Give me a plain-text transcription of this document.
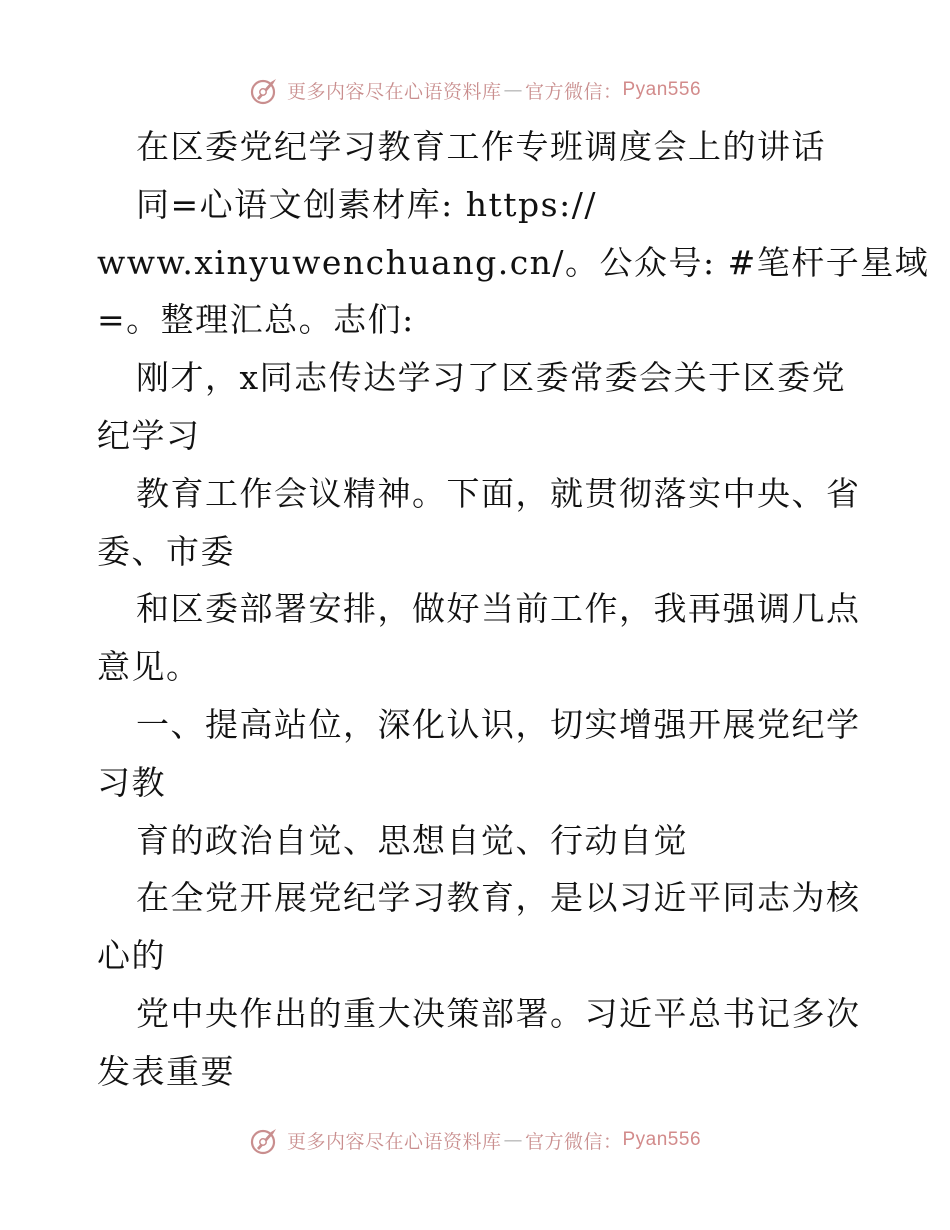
更多内容尽在心语资料库 — 官方微信： Pyan556
在区委党纪学习教育工作专班调度会上的讲话
同=心语文创素材库: https://
www.xinyuwenchuang.cn/。公众号: #笔杆子星域
=。整理汇总。志们:
刚才，x同志传达学习了区委常委会关于区委党
纪学习
教育工作会议精神。下面，就贯彻落实中央、省
委、市委
和区委部署安排，做好当前工作，我再强调几点
意见。
一、提高站位，深化认识，切实增强开展党纪学
习教
育的政治自觉、思想自觉、行动自觉
在全党开展党纪学习教育，是以习近平同志为核
心的
党中央作出的重大决策部署。习近平总书记多次
发表重要
更多内容尽在心语资料库 — 官方微信： Pyan556
